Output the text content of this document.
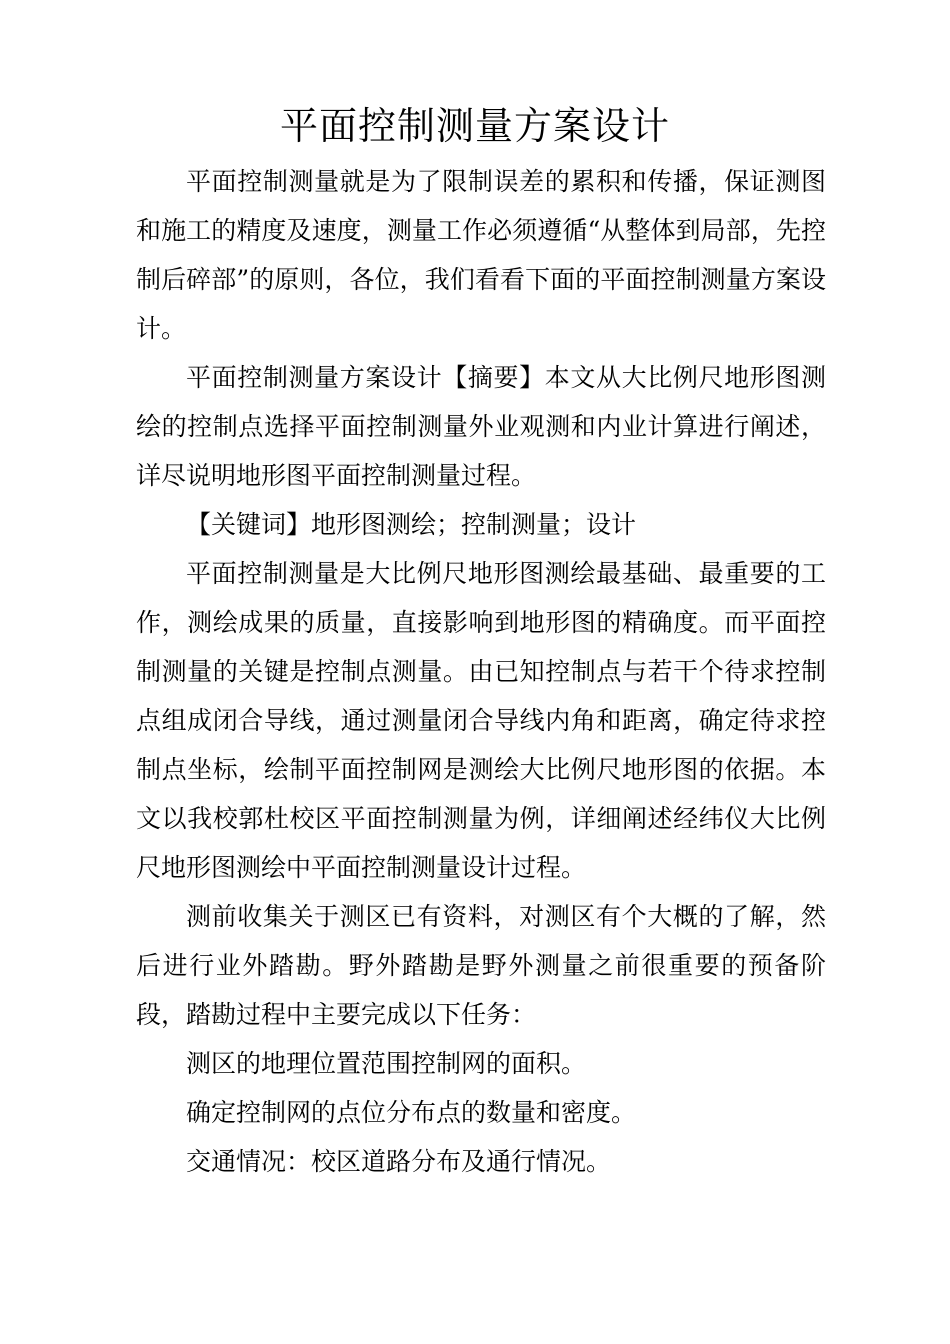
平面控制测量方案设计

平面控制测量就是为了限制误差的累积和传播，保证测图和施工的精度及速度，测量工作必须遵循“从整体到局部，先控制后碎部”的原则，各位，我们看看下面的平面控制测量方案设计。

平面控制测量方案设计【摘要】本文从大比例尺地形图测绘的控制点选择平面控制测量外业观测和内业计算进行阐述，详尽说明地形图平面控制测量过程。

【关键词】地形图测绘；控制测量；设计

平面控制测量是大比例尺地形图测绘最基础、最重要的工作，测绘成果的质量，直接影响到地形图的精确度。而平面控制测量的关键是控制点测量。由已知控制点与若干个待求控制点组成闭合导线，通过测量闭合导线内角和距离，确定待求控制点坐标，绘制平面控制网是测绘大比例尺地形图的依据。本文以我校郭杜校区平面控制测量为例，详细阐述经纬仪大比例尺地形图测绘中平面控制测量设计过程。

测前收集关于测区已有资料，对测区有个大概的了解，然后进行业外踏勘。野外踏勘是野外测量之前很重要的预备阶段，踏勘过程中主要完成以下任务：

测区的地理位置范围控制网的面积。

确定控制网的点位分布点的数量和密度。

交通情况：校区道路分布及通行情况。
